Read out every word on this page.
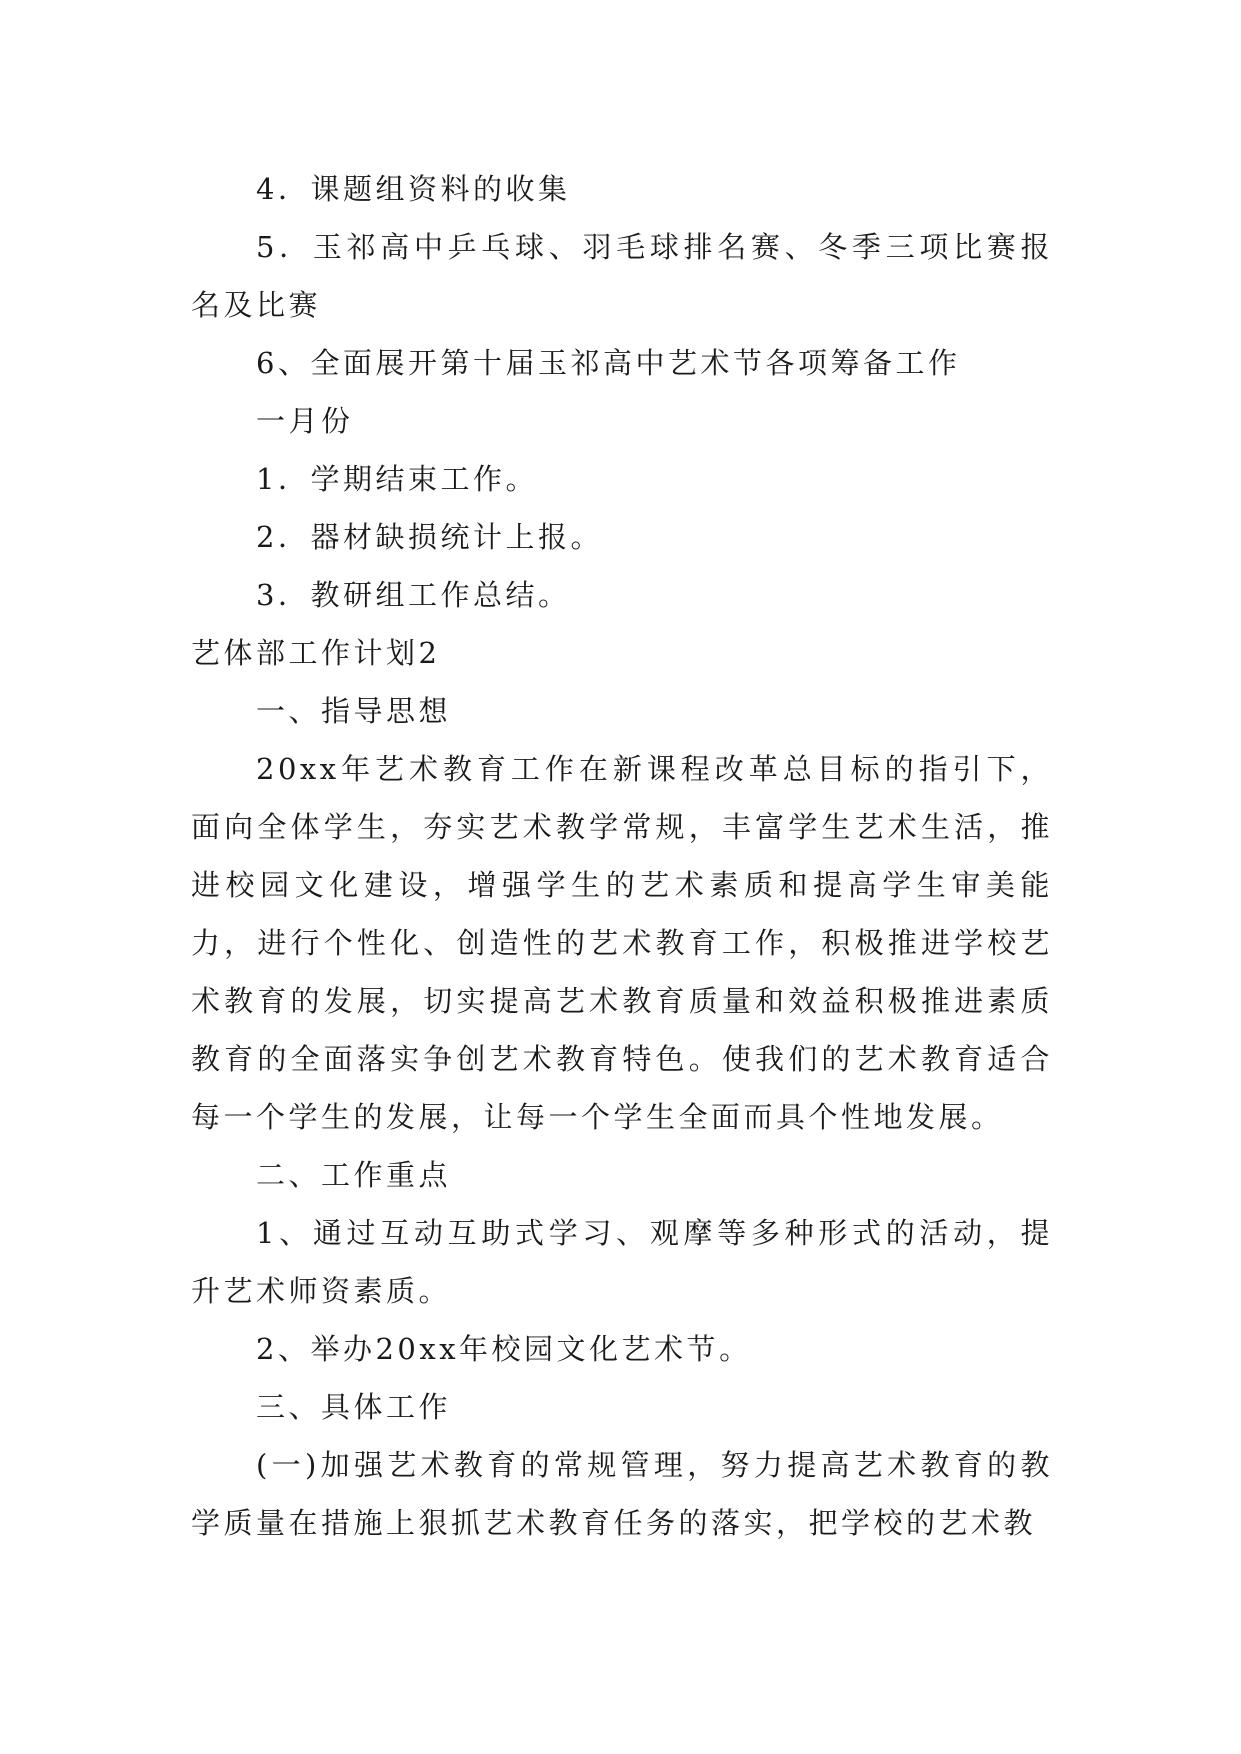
4．课题组资料的收集

5．玉祁高中乒乓球、羽毛球排名赛、冬季三项比赛报名及比赛

6、全面展开第十届玉祁高中艺术节各项筹备工作

一月份

1．学期结束工作。

2．器材缺损统计上报。

3．教研组工作总结。

艺体部工作计划2

一、指导思想

20xx年艺术教育工作在新课程改革总目标的指引下，面向全体学生，夯实艺术教学常规，丰富学生艺术生活，推进校园文化建设，增强学生的艺术素质和提高学生审美能力，进行个性化、创造性的艺术教育工作，积极推进学校艺术教育的发展，切实提高艺术教育质量和效益积极推进素质教育的全面落实争创艺术教育特色。使我们的艺术教育适合每一个学生的发展，让每一个学生全面而具个性地发展。

二、工作重点

1、通过互动互助式学习、观摩等多种形式的活动，提升艺术师资素质。

2、举办20xx年校园文化艺术节。

三、具体工作

(一)加强艺术教育的常规管理，努力提高艺术教育的教学质量在措施上狠抓艺术教育任务的落实，把学校的艺术教
